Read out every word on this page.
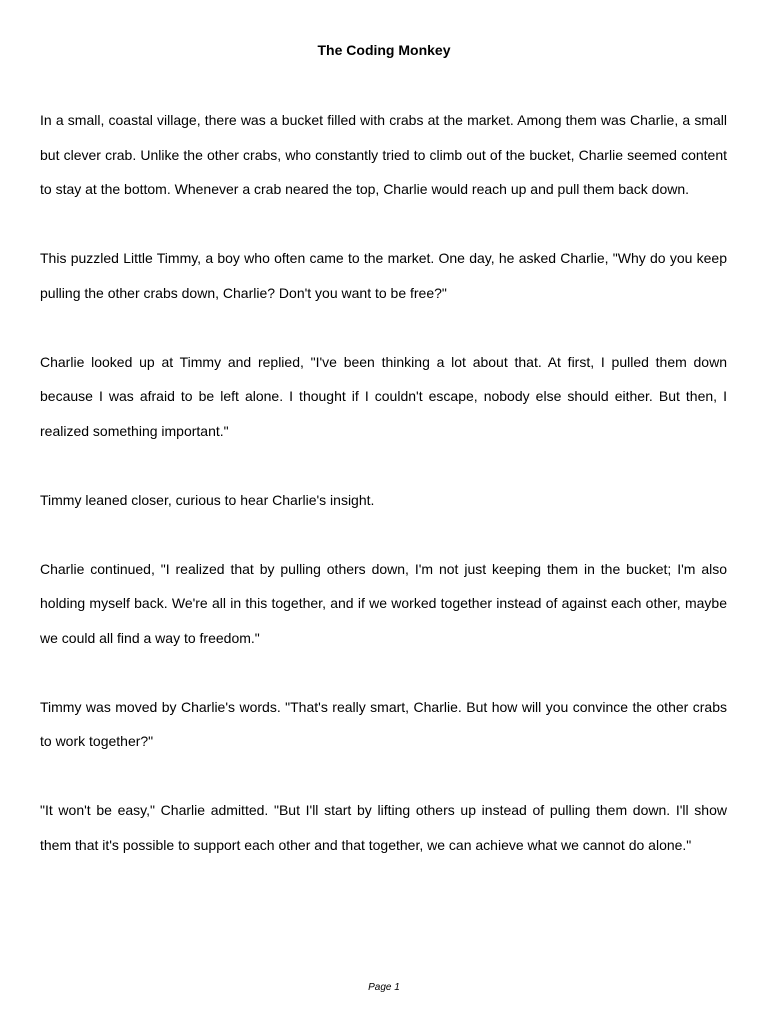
The Coding Monkey

In a small, coastal village, there was a bucket filled with crabs at the market. Among them was Charlie, a small but clever crab. Unlike the other crabs, who constantly tried to climb out of the bucket, Charlie seemed content to stay at the bottom. Whenever a crab neared the top, Charlie would reach up and pull them back down.

This puzzled Little Timmy, a boy who often came to the market. One day, he asked Charlie, "Why do you keep pulling the other crabs down, Charlie? Don't you want to be free?"

Charlie looked up at Timmy and replied, "I've been thinking a lot about that. At first, I pulled them down because I was afraid to be left alone. I thought if I couldn't escape, nobody else should either. But then, I realized something important."

Timmy leaned closer, curious to hear Charlie's insight.

Charlie continued, "I realized that by pulling others down, I'm not just keeping them in the bucket; I'm also holding myself back. We're all in this together, and if we worked together instead of against each other, maybe we could all find a way to freedom."

Timmy was moved by Charlie's words. "That's really smart, Charlie. But how will you convince the other crabs to work together?"

"It won't be easy," Charlie admitted. "But I'll start by lifting others up instead of pulling them down. I'll show them that it's possible to support each other and that together, we can achieve what we cannot do alone."

Page 1
